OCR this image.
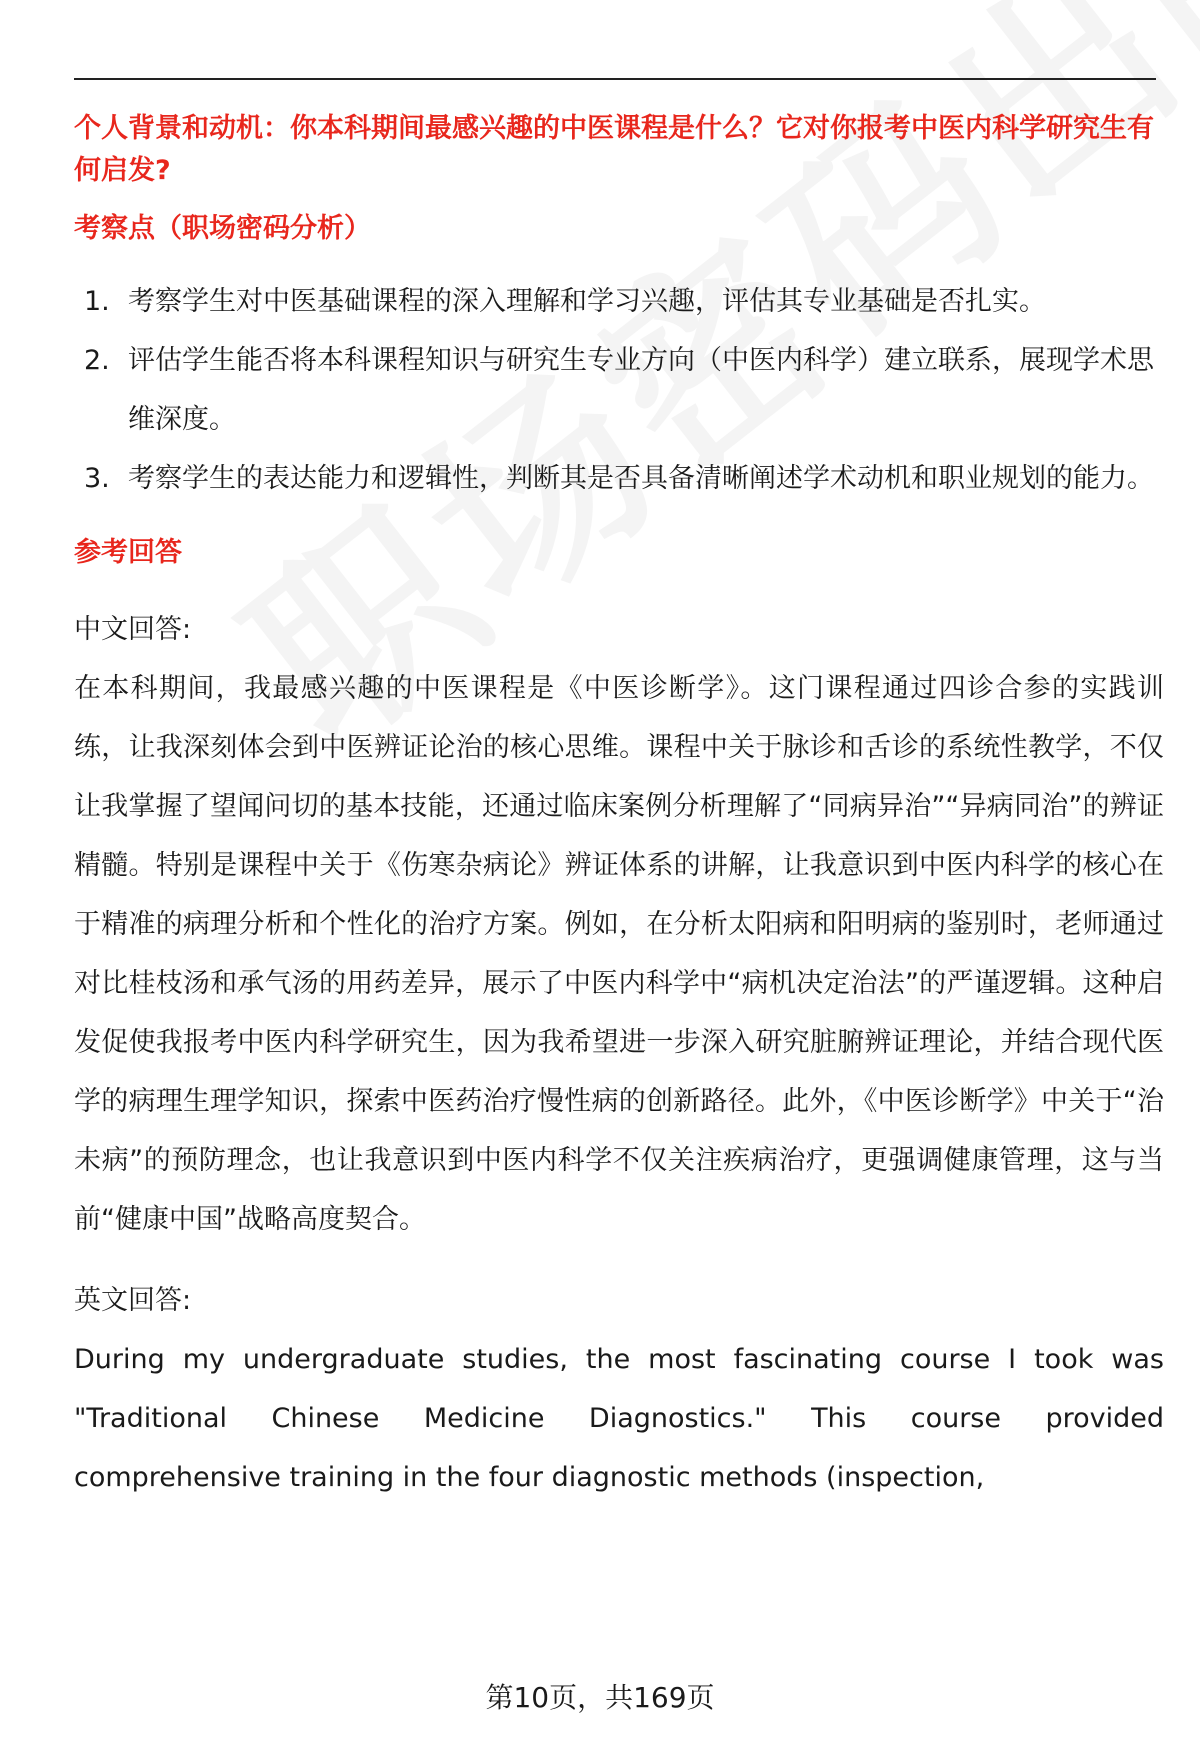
个人背景和动机：你本科期间最感兴趣的中医课程是什么？它对你报考中医内科学研究生有何启发?

考察点（职场密码分析）

1. 考察学生对中医基础课程的深入理解和学习兴趣，评估其专业基础是否扎实。
2. 评估学生能否将本科课程知识与研究生专业方向（中医内科学）建立联系，展现学术思维深度。
3. 考察学生的表达能力和逻辑性，判断其是否具备清晰阐述学术动机和职业规划的能力。

参考回答

中文回答:

在本科期间，我最感兴趣的中医课程是《中医诊断学》。这门课程通过四诊合参的实践训练，让我深刻体会到中医辨证论治的核心思维。课程中关于脉诊和舌诊的系统性教学，不仅让我掌握了望闻问切的基本技能，还通过临床案例分析理解了“同病异治”“异病同治”的辨证精髓。特别是课程中关于《伤寒杂病论》辨证体系的讲解，让我意识到中医内科学的核心在于精准的病理分析和个性化的治疗方案。例如，在分析太阳病和阳明病的鉴别时，老师通过对比桂枝汤和承气汤的用药差异，展示了中医内科学中“病机决定治法”的严谨逻辑。这种启发促使我报考中医内科学研究生，因为我希望进一步深入研究脏腑辨证理论，并结合现代医学的病理生理学知识，探索中医药治疗慢性病的创新路径。此外，《中医诊断学》中关于“治未病”的预防理念，也让我意识到中医内科学不仅关注疾病治疗，更强调健康管理，这与当前“健康中国”战略高度契合。

英文回答:

During my undergraduate studies, the most fascinating course I took was "Traditional Chinese Medicine Diagnostics." This course provided comprehensive training in the four diagnostic methods (inspection,

第10页，共169页
